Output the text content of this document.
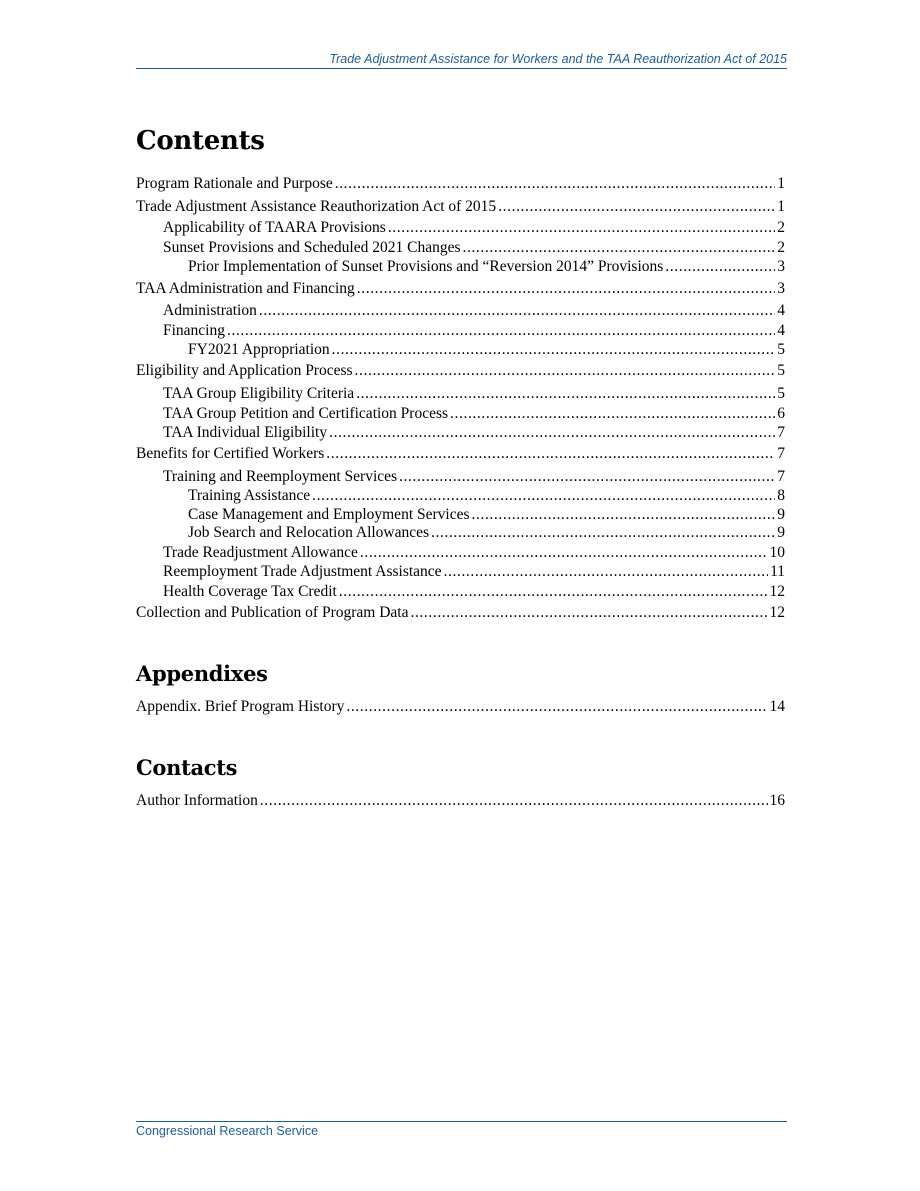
Trade Adjustment Assistance for Workers and the TAA Reauthorization Act of 2015
Contents
Program Rationale and Purpose .....	1
Trade Adjustment Assistance Reauthorization Act of 2015 .....	1
Applicability of TAARA Provisions .....	2
Sunset Provisions and Scheduled 2021 Changes .....	2
Prior Implementation of Sunset Provisions and “Reversion 2014” Provisions .....	3
TAA Administration and Financing .....	3
Administration .....	4
Financing .....	4
FY2021 Appropriation .....	5
Eligibility and Application Process .....	5
TAA Group Eligibility Criteria .....	5
TAA Group Petition and Certification Process .....	6
TAA Individual Eligibility .....	7
Benefits for Certified Workers .....	7
Training and Reemployment Services .....	7
Training Assistance .....	8
Case Management and Employment Services .....	9
Job Search and Relocation Allowances .....	9
Trade Readjustment Allowance .....	10
Reemployment Trade Adjustment Assistance .....	11
Health Coverage Tax Credit .....	12
Collection and Publication of Program Data .....	12
Appendixes
Appendix. Brief Program History .....	14
Contacts
Author Information .....	16
Congressional Research Service
